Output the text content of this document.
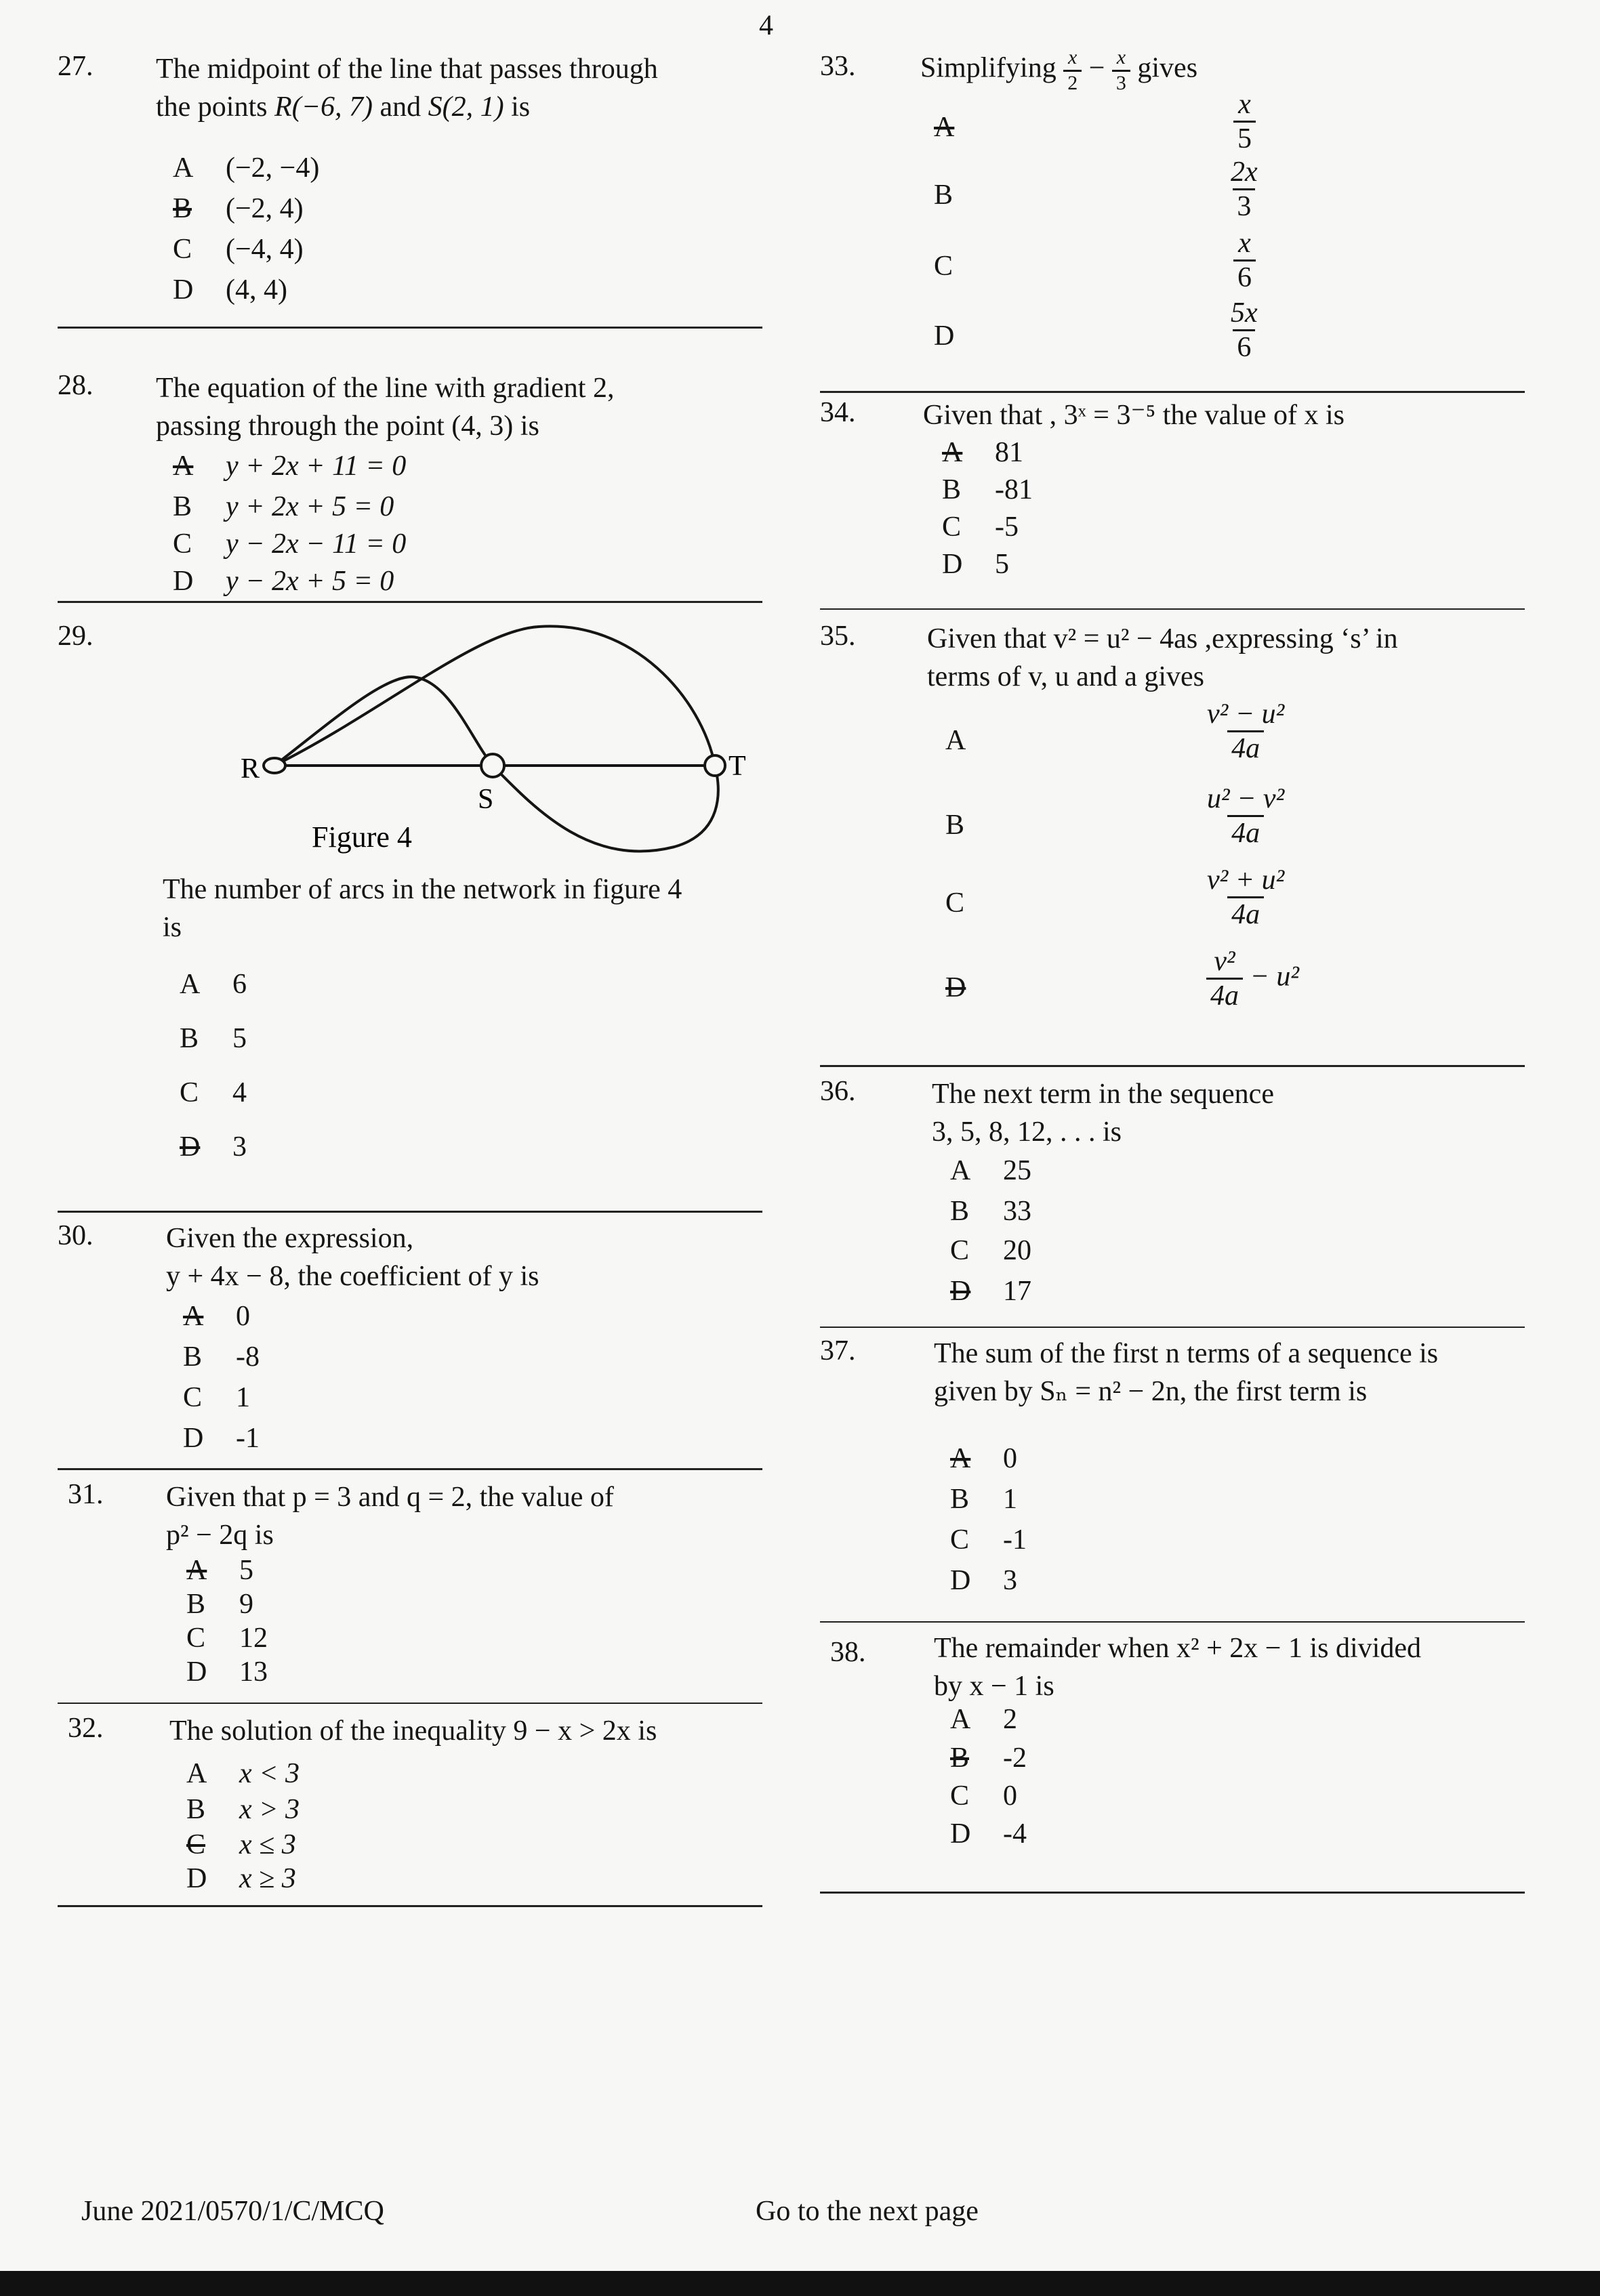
4
27. The midpoint of the line that passes through
the points R(−6, 7) and S(2, 1) is
A (−2, −4)
B (−2, 4)
C (−4, 4)
D (4, 4)
28. The equation of the line with gradient 2,
passing through the point (4, 3) is
A y + 2x + 11 = 0
B y + 2x + 5 = 0
C y − 2x − 11 = 0
D y − 2x + 5 = 0
29.
R
S
T
Figure 4
The number of arcs in the network in figure 4
is
A 6
B 5
C 4
D 3
30.	Given the expression,
y + 4x − 8, the coefficient of y is
A 0
B -8
C 1
D -1
31. Given that p = 3 and q = 2, the value of
p² − 2q is
A 5
B 9
C 12
D 13
32. The solution of the inequality 9 − x > 2x is
A x < 3
B x > 3
C x ≤ 3
D x ≥ 3
33. Simplifying $\frac{x}{2} - \frac{x}{3}$ gives
A	$\frac{x}{5}$
B	$\frac{2x}{3}$
C	$\frac{x}{6}$
D	$\frac{5x}{6}$
34. Given that , 3ˣ = 3⁻⁵ the value of x is
A 81
B -81
C -5
D 5
35.	Given that v² = u² − 4as ,expressing ‘s’ in
terms of v, u and a gives
A	$\frac{\text{v² − u²}}{4a}$
B	$\frac{\text{u² − v²}}{4a}$
C	$\frac{\text{v² + u²}}{4a}$
D	$\frac{\text{v²}}{4a} - u^2$
36.	The next term in the sequence
3, 5, 8, 12, . . . is
A 25
B 33
C 20
D 17
37.	The sum of the first n terms of a sequence is
given by Sₙ = n² − 2n, the first term is
A 0
B 1
C -1
D 3
38. The remainder when x² + 2x − 1 is divided
by x − 1 is
A 2
B -2
C 0
D -4
June 2021/0570/1/C/MCQ	Go to the next page
